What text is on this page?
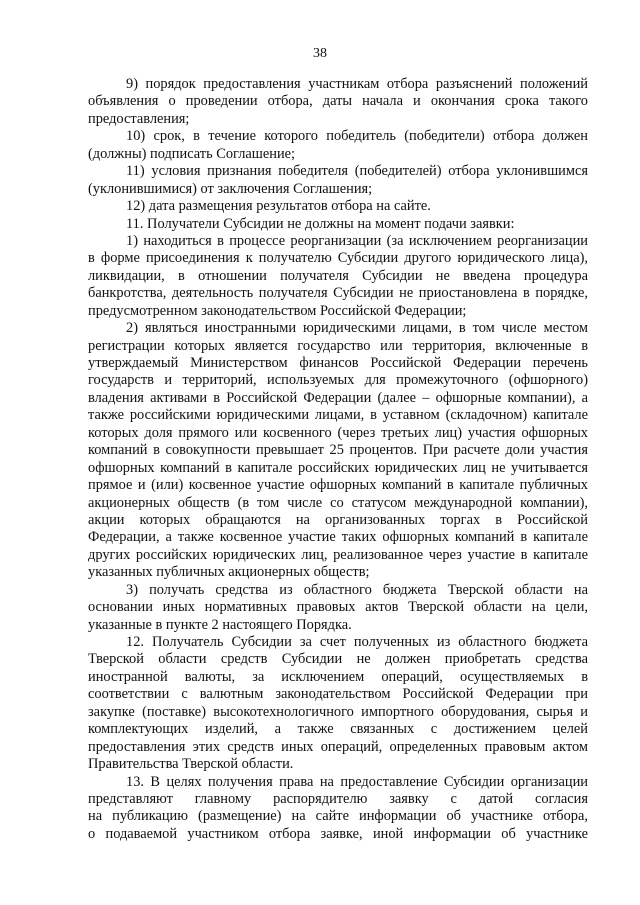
38
9) порядок предоставления участникам отбора разъяснений положений
объявления о проведении отбора, даты начала и окончания срока такого
предоставления;
10) срок, в течение которого победитель (победители) отбора должен
(должны) подписать Соглашение;
11) условия признания победителя (победителей) отбора уклонившимся
(уклонившимися) от заключения Соглашения;
12) дата размещения результатов отбора на сайте.
11. Получатели Субсидии не должны на момент подачи заявки:
1) находиться в процессе реорганизации (за исключением реорганизации
в форме присоединения к получателю Субсидии другого юридического лица),
ликвидации, в отношении получателя Субсидии не введена процедура
банкротства, деятельность получателя Субсидии не приостановлена в порядке,
предусмотренном законодательством Российской Федерации;
2) являться иностранными юридическими лицами, в том числе местом
регистрации которых является государство или территория, включенные в
утверждаемый Министерством финансов Российской Федерации перечень
государств и территорий, используемых для промежуточного (офшорного)
владения активами в Российской Федерации (далее – офшорные компании), а
также российскими юридическими лицами, в уставном (складочном) капитале
которых доля прямого или косвенного (через третьих лиц) участия офшорных
компаний в совокупности превышает 25 процентов. При расчете доли участия
офшорных компаний в капитале российских юридических лиц не учитывается
прямое и (или) косвенное участие офшорных компаний в капитале публичных
акционерных обществ (в том числе со статусом международной компании),
акции которых обращаются на организованных торгах в Российской
Федерации, а также косвенное участие таких офшорных компаний в капитале
других российских юридических лиц, реализованное через участие в капитале
указанных публичных акционерных обществ;
3) получать средства из областного бюджета Тверской области на
основании иных нормативных правовых актов Тверской области на цели,
указанные в пункте 2 настоящего Порядка.
12. Получатель Субсидии за счет полученных из областного бюджета
Тверской области средств Субсидии не должен приобретать средства
иностранной валюты, за исключением операций, осуществляемых в
соответствии с валютным законодательством Российской Федерации при
закупке (поставке) высокотехнологичного импортного оборудования, сырья и
комплектующих изделий, а также связанных с достижением целей
предоставления этих средств иных операций, определенных правовым актом
Правительства Тверской области.
13. В целях получения права на предоставление Субсидии организации
представляют главному распорядителю заявку с датой согласия
на публикацию (размещение) на сайте информации об участнике отбора,
о подаваемой участником отбора заявке, иной информации об участнике
